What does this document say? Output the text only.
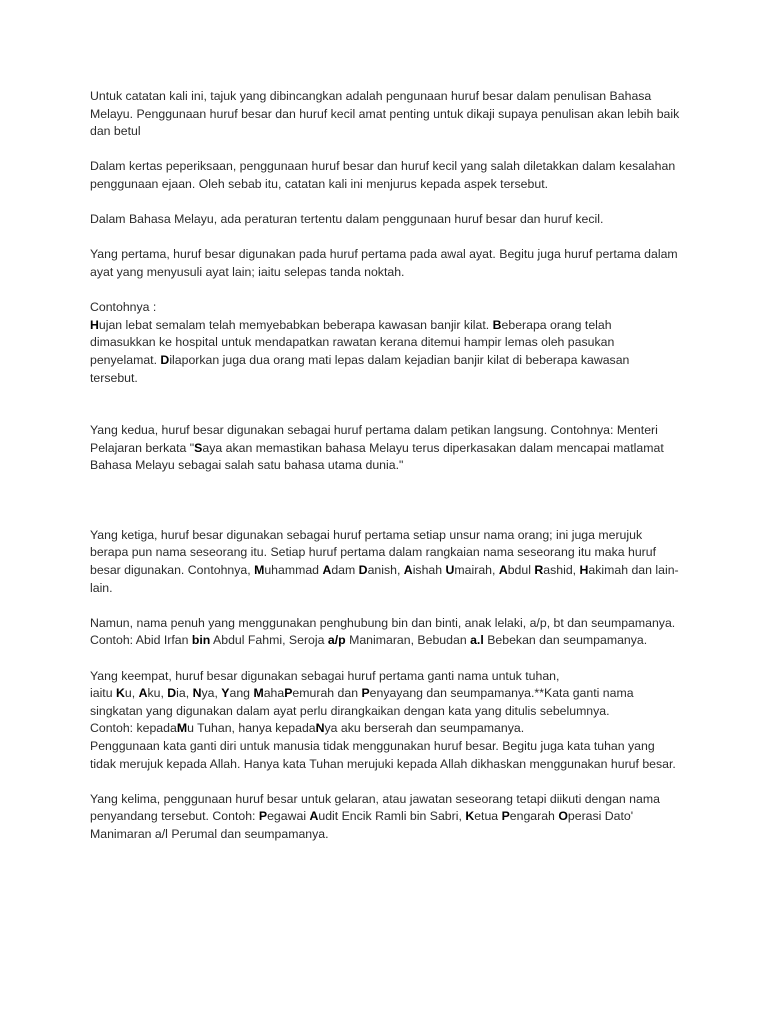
Untuk catatan kali ini, tajuk yang dibincangkan adalah pengunaan huruf besar dalam penulisan Bahasa Melayu. Penggunaan huruf besar dan huruf kecil amat penting untuk dikaji supaya penulisan akan lebih baik dan betul

Dalam kertas peperiksaan, penggunaan huruf besar dan huruf kecil yang salah diletakkan dalam kesalahan penggunaan ejaan. Oleh sebab itu, catatan kali ini menjurus kepada aspek tersebut.

Dalam Bahasa Melayu, ada peraturan tertentu dalam penggunaan huruf besar dan huruf kecil.

Yang pertama, huruf besar digunakan pada huruf pertama pada awal ayat. Begitu juga huruf pertama dalam ayat yang menyusuli ayat lain; iaitu selepas tanda noktah.

Contohnya :

Hujan lebat semalam telah memyebabkan beberapa kawasan banjir kilat. Beberapa orang telah dimasukkan ke hospital untuk mendapatkan rawatan kerana ditemui hampir lemas oleh pasukan penyelamat. Dilaporkan juga dua orang mati lepas dalam kejadian banjir kilat di beberapa kawasan tersebut.

Yang kedua, huruf besar digunakan sebagai huruf pertama dalam petikan langsung. Contohnya: Menteri Pelajaran berkata "Saya akan memastikan bahasa Melayu terus diperkasakan dalam mencapai matlamat Bahasa Melayu sebagai salah satu bahasa utama dunia."

Yang ketiga, huruf besar digunakan sebagai huruf pertama setiap unsur nama orang; ini juga merujuk berapa pun nama seseorang itu. Setiap huruf pertama dalam rangkaian nama seseorang itu maka huruf besar digunakan. Contohnya, Muhammad Adam Danish, Aishah Umairah, Abdul Rashid, Hakimah dan lain-lain.

Namun, nama penuh yang menggunakan penghubung bin dan binti, anak lelaki, a/p, bt dan seumpamanya. Contoh: Abid Irfan bin Abdul Fahmi, Seroja a/p Manimaran, Bebudan a.l Bebekan dan seumpamanya.

Yang keempat, huruf besar digunakan sebagai huruf pertama ganti nama untuk tuhan,

iaitu Ku, Aku, Dia, Nya, Yang MahaPemurah dan Penyayang dan seumpamanya.**Kata ganti nama singkatan yang digunakan dalam ayat perlu dirangkaikan dengan kata yang ditulis sebelumnya.

Contoh: kepadaMu Tuhan, hanya kepadaNya aku berserah dan seumpamanya.

Penggunaan kata ganti diri untuk manusia tidak menggunakan huruf besar. Begitu juga kata tuhan yang tidak merujuk kepada Allah. Hanya kata Tuhan merujuki kepada Allah dikhaskan menggunakan huruf besar.

Yang kelima, penggunaan huruf besar untuk gelaran, atau jawatan seseorang tetapi diikuti dengan nama penyandang tersebut. Contoh: Pegawai Audit Encik Ramli bin Sabri, Ketua Pengarah Operasi Dato' Manimaran a/l Perumal dan seumpamanya.
